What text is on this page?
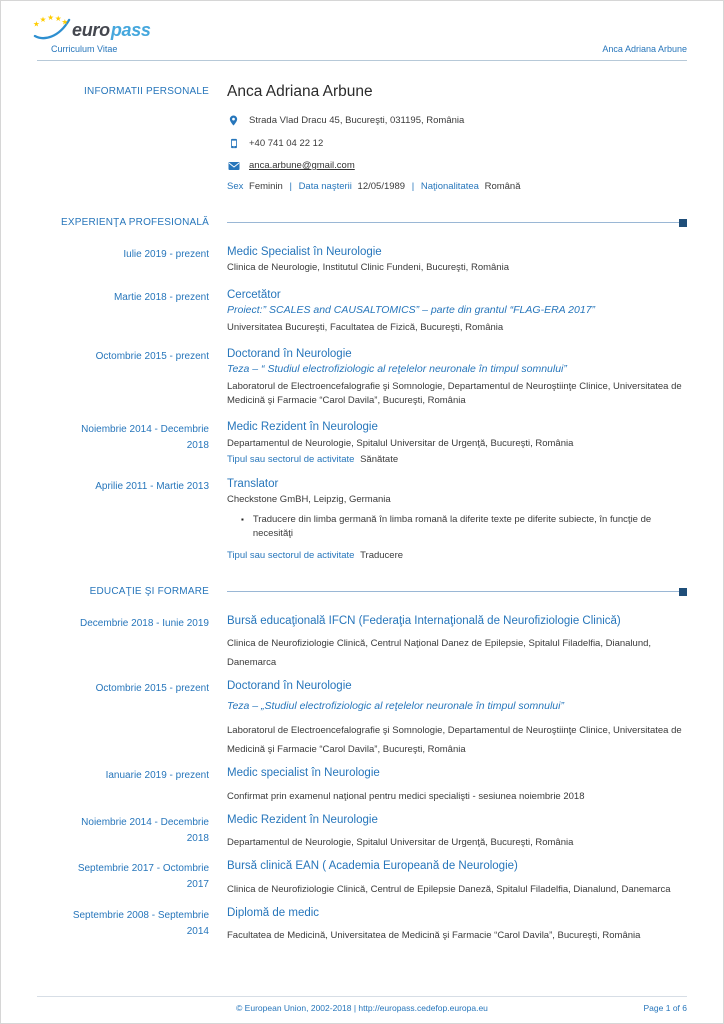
★
★ ★ ★ ★ euro pass
Curriculum Vitae	Anca Adriana Arbune
INFORMATII PERSONALE Anca Adriana Arbune
Strada Vlad Dracu 45, Bucureşti, 031195, România
+40 741 04 22 12
anca.arbune@gmail.com
Sex Feminin | Data naşterii 12/05/1989 | Naţionalitatea Română
EXPERIENŢA PROFESIONALĂ
Iulie 2019 - prezent Medic Specialist în Neurologie
Clinica de Neurologie, Institutul Clinic Fundeni, Bucureşti, România
Martie 2018 - prezent Cercetător
Proiect:” SCALES and CAUSALTOMICS” – parte din grantul “FLAG-ERA 2017”
Universitatea Bucureşti, Facultatea de Fizică, Bucureşti, România
Octombrie 2015 - prezent Doctorand în Neurologie
Teza – “ Studiul electrofiziologic al reţelelor neuronale în timpul somnului”
Laboratorul de Electroencefalografie şi Somnologie, Departamentul de Neuroştiinţe Clinice, Universitatea de Medicină şi Farmacie “Carol Davila”, Bucureşti, România
Noiembrie 2014 - Decembrie 2018
Medic Rezident în Neurologie
Departamentul de Neurologie, Spitalul Universitar de Urgenţă, Bucureşti, România
Tipul sau sectorul de activitate Sănătate
Aprilie 2011 - Martie 2013 Translator
Checkstone GmBH, Leipzig, Germania
▪
Traducere din limba germană în limba romană la diferite texte pe diferite subiecte, în funcţie de necesităţi
Tipul sau sectorul de activitate Traducere
EDUCAŢIE ŞI FORMARE
Decembrie 2018 - Iunie 2019 Bursă educaţională IFCN (Federaţia Internaţională de Neurofiziologie Clinică)
Clinica de Neurofiziologie Clinică, Centrul Naţional Danez de Epilepsie, Spitalul Filadelfia, Dianalund, Danemarca
Octombrie 2015 - prezent Doctorand în Neurologie
Teza – „Studiul electrofiziologic al reţelelor neuronale în timpul somnului”
Laboratorul de Electroencefalografie şi Somnologie, Departamentul de Neuroştiinţe Clinice, Universitatea de Medicină şi Farmacie “Carol Davila”, Bucureşti, România
Ianuarie 2019 - prezent Medic specialist în Neurologie
Confirmat prin examenul naţional pentru medici specialişti - sesiunea noiembrie 2018
Noiembrie 2014 - Decembrie 2018
Medic Rezident în Neurologie
Departamentul de Neurologie, Spitalul Universitar de Urgenţă, Bucureşti, România
Septembrie 2017 - Octombrie 2017
Bursă clinică EAN ( Academia Europeană de Neurologie)
Clinica de Neurofiziologie Clinică, Centrul de Epilepsie Daneză, Spitalul Filadelfia, Dianalund, Danemarca
Septembrie 2008 - Septembrie 2014
Diplomă de medic
Facultatea de Medicină, Universitatea de Medicină şi Farmacie “Carol Davila”, Bucureşti, România
© European Union, 2002-2018 | http://europass.cedefop.europa.eu	Page 1 of 6
